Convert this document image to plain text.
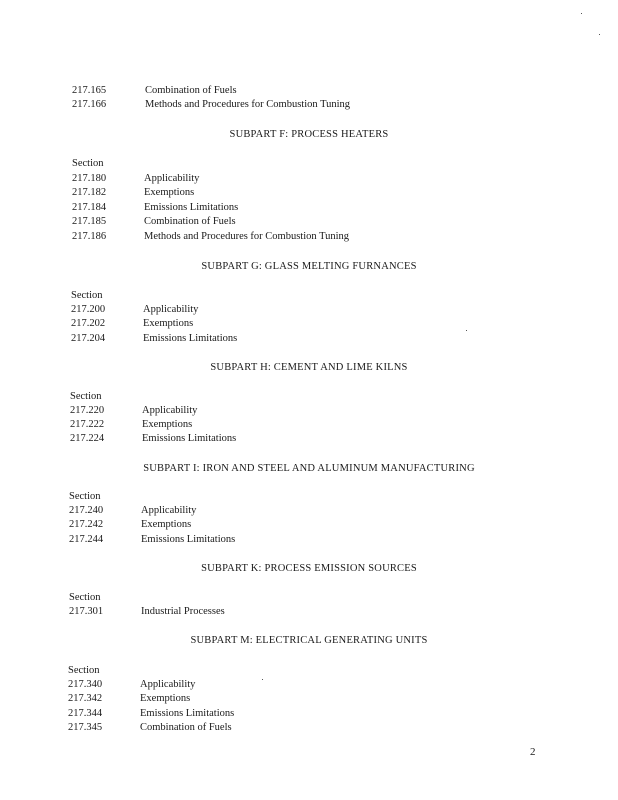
217.165	Combination of Fuels
217.166	Methods and Procedures for Combustion Tuning
SUBPART F: PROCESS HEATERS
Section
217.180	Applicability
217.182	Exemptions
217.184	Emissions Limitations
217.185	Combination of Fuels
217.186	Methods and Procedures for Combustion Tuning
SUBPART G: GLASS MELTING FURNANCES
Section
217.200	Applicability
217.202	Exemptions
217.204	Emissions Limitations
SUBPART H: CEMENT AND LIME KILNS
Section
217.220	Applicability
217.222	Exemptions
217.224	Emissions Limitations
SUBPART I: IRON AND STEEL AND ALUMINUM MANUFACTURING
Section
217.240	Applicability
217.242	Exemptions
217.244	Emissions Limitations
SUBPART K: PROCESS EMISSION SOURCES
Section
217.301	Industrial Processes
SUBPART M: ELECTRICAL GENERATING UNITS
Section
217.340	Applicability
217.342	Exemptions
217.344	Emissions Limitations
217.345	Combination of Fuels
2
